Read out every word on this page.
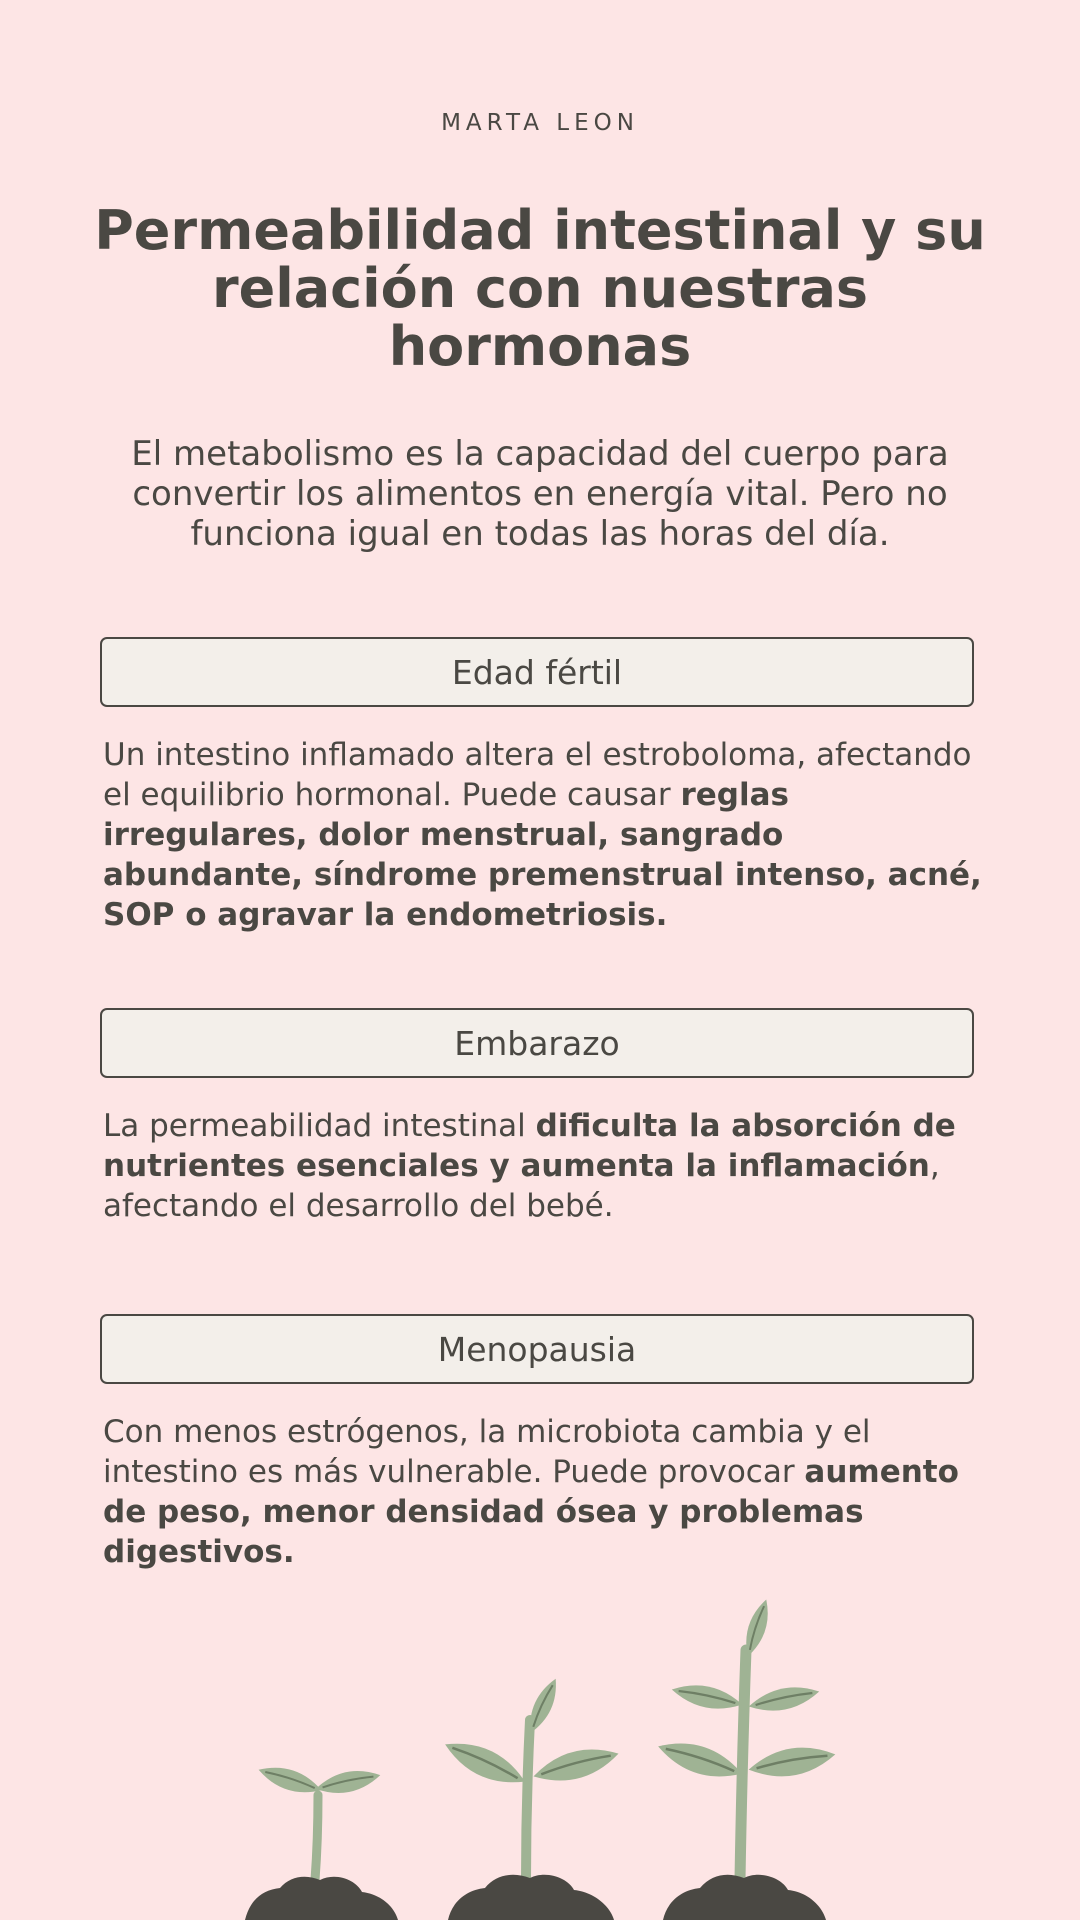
MARTA LEON
Permeabilidad intestinal y su relación con nuestras hormonas
El metabolismo es la capacidad del cuerpo para convertir los alimentos en energía vital. Pero no funciona igual en todas las horas del día.
Edad fértil
Un intestino inflamado altera el estroboloma, afectando el equilibrio hormonal. Puede causar reglas irregulares, dolor menstrual, sangrado abundante, síndrome premenstrual intenso, acné, SOP o agravar la endometriosis.
Embarazo
La permeabilidad intestinal dificulta la absorción de nutrientes esenciales y aumenta la inflamación, afectando el desarrollo del bebé.
Menopausia
Con menos estrógenos, la microbiota cambia y el intestino es más vulnerable. Puede provocar aumento de peso, menor densidad ósea y problemas digestivos.
